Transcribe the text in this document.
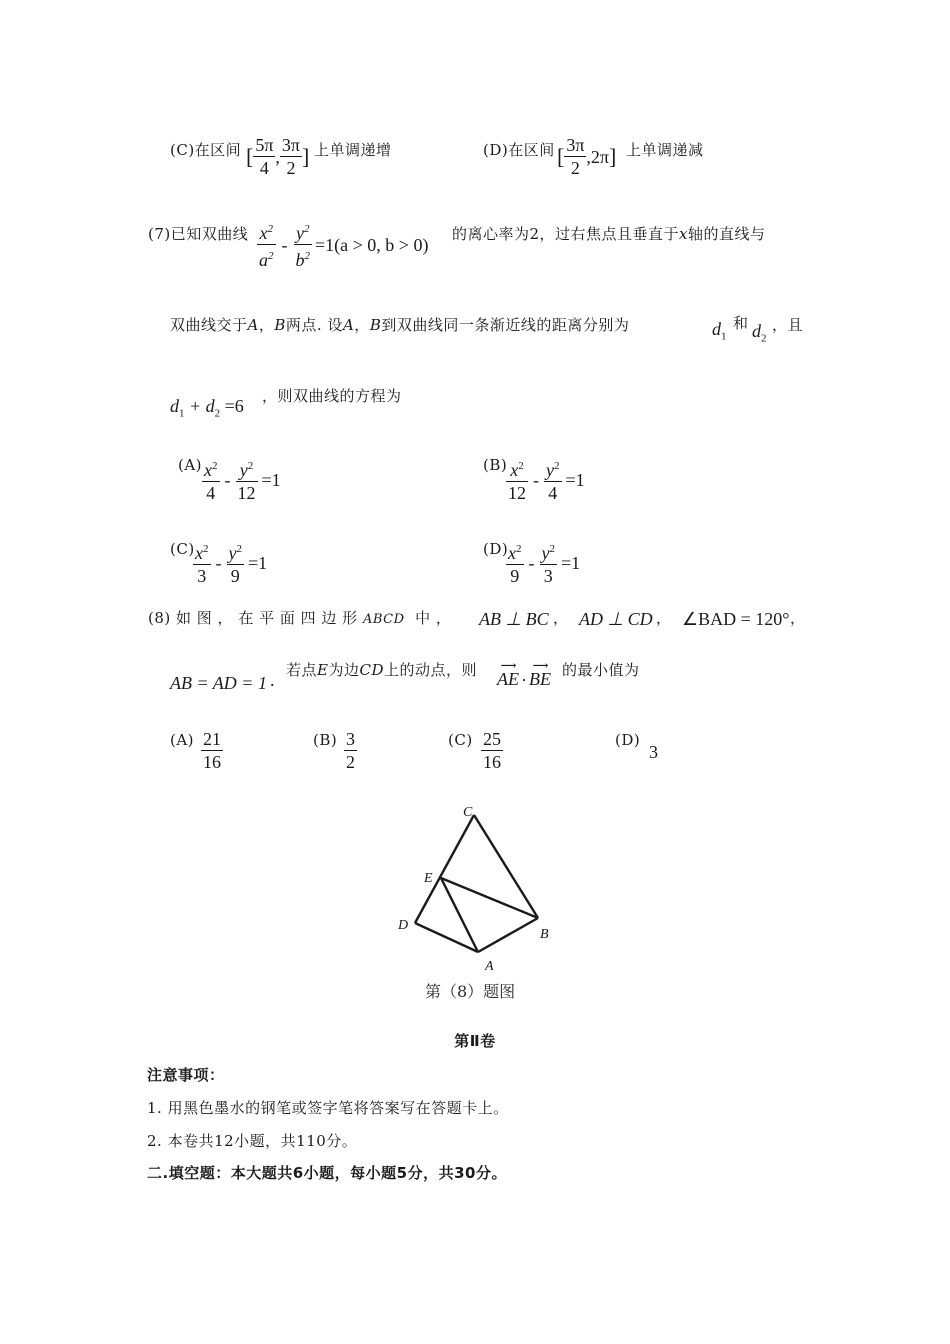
(C)在区间 [ $\frac{5\pi}{4}$ , $\frac{3\pi}{2}$ ] 上单调递增	(D)在区间 [ $\frac{3\pi}{2} ,2\pi$ ] 上单调递减
(7)已知双曲线 $\frac{x^2}{a^2} - \frac{y^2}{b^2} =1(a > 0$, b > 0)
的离心率为2，过右焦点且垂直于x轴的直线与
双曲线交于A，B两点. 设A，B到双曲线同一条渐近线的距离分别为	$d_1$
和 $d_2$
，且
$d_1 + d_2 =6$ ，则双曲线的方程为
$(A) \frac{x^2}{4} - \frac{y^2}{12} =1$
(B)
$\frac{x^2}{12} - \frac{y^2}{4} =1$
(C)
$\frac{x^2}{3} - \frac{y^2}{9} =1$
(D)
$\frac{x^2}{9} - \frac{y^2}{3} =1$
(8) 如 图 ， 在 平 面 四 边 形 ABCD 中 ， AB ⊥ BC ， AD ⊥ CD ， ∠BAD = 120° ，
AB = AD = 1 . 若点E为边CD上的动点，则	⟶
AE ·
⟶
BE 的最小值为
$(A) \frac{21}{16}$	$(B) \frac{3}{2}$	$(C) \frac{25}{16}$	(D)
3
C
E
D
B
A
第（8）题图
第Ⅱ卷
注意事项：
1. 用黑色墨水的钢笔或签字笔将答案写在答题卡上。
2. 本卷共12小题，共110分。
二.填空题：本大题共6小题，每小题5分，共30分。
